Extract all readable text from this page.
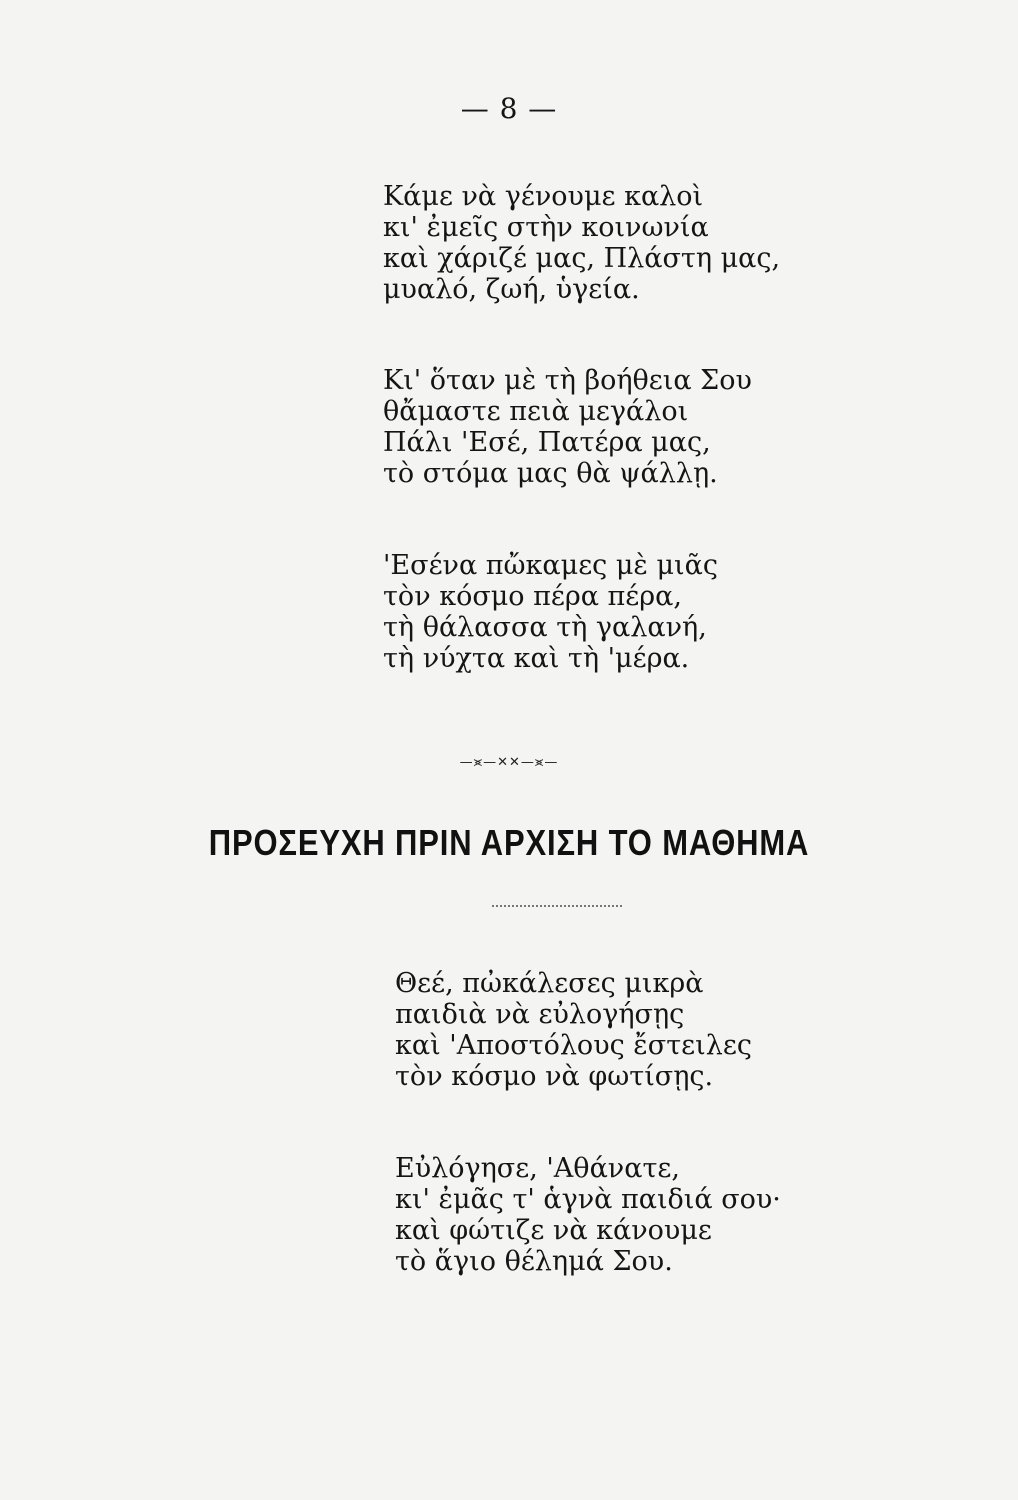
— 8 —
Κάμε νὰ γένουμε καλοὶ
κι' ἐμεῖς στὴν κοινωνία
καὶ χάριζέ μας, Πλάστη μας,
μυαλό, ζωή, ὑγεία.
Κι' ὅταν μὲ τὴ βοήθεια Σου
θἄμαστε πειὰ μεγάλοι
Πάλι 'Εσέ, Πατέρα μας,
τὸ στόμα μας θὰ ψάλλῃ.
'Εσένα πὤκαμες μὲ μιᾶς
τὸν κόσμο πέρα πέρα,
τὴ θάλασσα τὴ γαλανή,
τὴ νύχτα καὶ τὴ 'μέρα.
—⪤—✕✕—⪤—
ΠΡΟΣΕΥΧΗ ΠΡΙΝ ΑΡΧΙΣΗ ΤΟ ΜΑΘΗΜΑ
Θεέ, πὠκάλεσες μικρὰ
παιδιὰ νὰ εὐλογήσῃς
καὶ 'Αποστόλους ἔστειλες
τὸν κόσμο νὰ φωτίσῃς.
Εὐλόγησε, 'Αθάνατε,
κι' ἐμᾶς τ' ἁγνὰ παιδιά σου·
καὶ φώτιζε νὰ κάνουμε
τὸ ἅγιο θέλημά Σου.
